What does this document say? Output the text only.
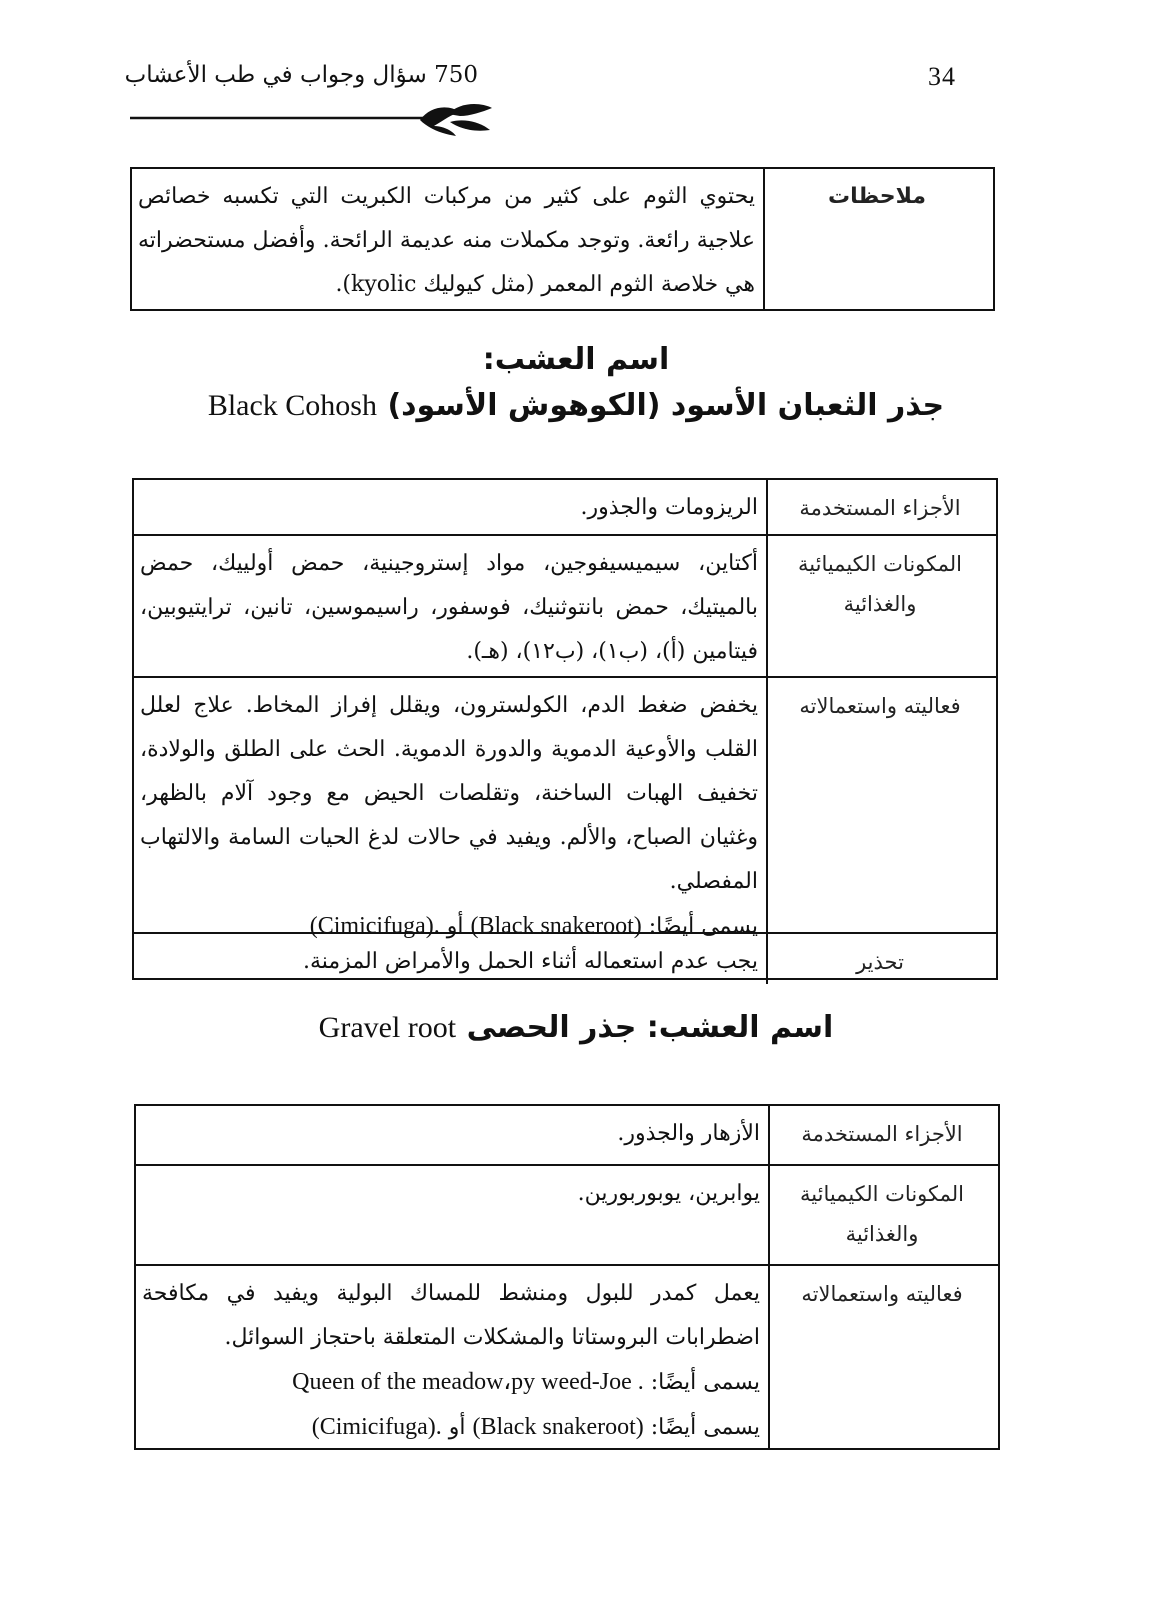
34
750 سؤال وجواب في طب الأعشاب
ملاحظات
يحتوي الثوم على كثير من مركبات الكبريت التي تكسبه خصائص علاجية رائعة. وتوجد مكملات منه عديمة الرائحة. وأفضل مستحضراته هي خلاصة الثوم المعمر (مثل كيوليك kyolic).
اسم العشب:
جذر الثعبان الأسود (الكوهوش الأسود) Black Cohosh
الأجزاء المستخدمة
الريزومات والجذور.
المكونات الكيميائية والغذائية
أكتاين، سيميسيفوجين، مواد إستروجينية، حمض أولييك، حمض بالميتيك، حمض بانتوثنيك، فوسفور، راسيموسين، تانين، ترايتيوبين، فيتامين (أ)، (ب١)، (ب١٢)، (هـ).
فعاليته واستعمالاته
يخفض ضغط الدم، الكولسترون، ويقلل إفراز المخاط. علاج لعلل القلب والأوعية الدموية والدورة الدموية. الحث على الطلق والولادة، تخفيف الهبات الساخنة، وتقلصات الحيض مع وجود آلام بالظهر، وغثيان الصباح، والألم. ويفيد في حالات لدغ الحيات السامة والالتهاب المفصلي.
يسمى أيضًا: (Black snakeroot) أو (Cimicifuga).
تحذير
يجب عدم استعماله أثناء الحمل والأمراض المزمنة.
اسم العشب: جذر الحصى Gravel root
الأجزاء المستخدمة
الأزهار والجذور.
المكونات الكيميائية والغذائية
يوابرين، يوبوربورين.
فعاليته واستعمالاته
يعمل كمدر للبول ومنشط للمساك البولية ويفيد في مكافحة اضطرابات البروستاتا والمشكلات المتعلقة باحتجاز السوائل.
يسمى أيضًا: Queen of the meadow،py weed-Joe .
يسمى أيضًا: (Black snakeroot) أو (Cimicifuga).
